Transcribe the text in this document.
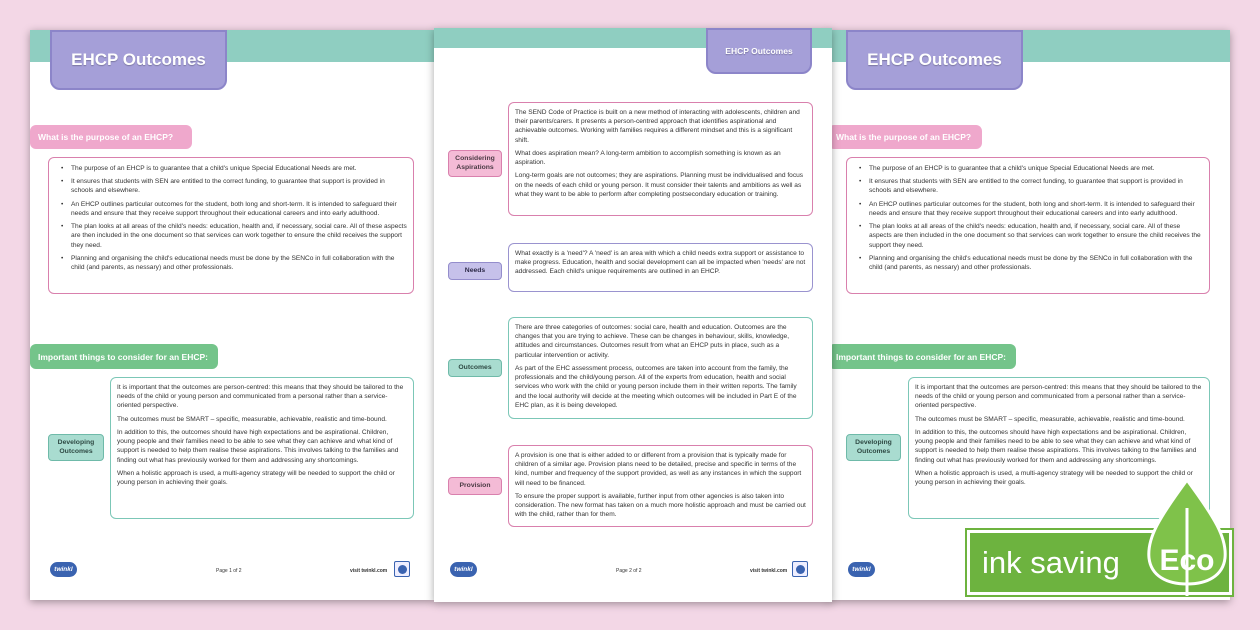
EHCP Outcomes
What is the purpose of an EHCP?
• The purpose of an EHCP is to guarantee that a child's unique Special Educational Needs are met.
• It ensures that students with SEN are entitled to the correct funding, to guarantee that support is provided in schools and elsewhere.
• An EHCP outlines particular outcomes for the student, both long and short-term. It is intended to safeguard their needs and ensure that they receive support throughout their educational careers and into early adulthood.
• The plan looks at all areas of the child's needs: education, health and, if necessary, social care. All of these aspects are then included in the one document so that services can work together to ensure the child receives the support they need.
• Planning and organising the child's educational needs must be done by the SENCo in full collaboration with the child (and parents, as nessary) and other professionals.
Important things to consider for an EHCP:
Developing Outcomes

It is important that the outcomes are person-centred: this means that they should be tailored to the needs of the child or young person and communicated from a personal rather than a service-oriented perspective.

The outcomes must be SMART – specific, measurable, achievable, realistic and time-bound.

In addition to this, the outcomes should have high expectations and be aspirational. Children, young people and their families need to be able to see what they can achieve and what kind of support is needed to help them realise these aspirations. This involves talking to the families and finding out what has previously worked for them and addressing any shortcomings.

When a holistic approach is used, a multi-agency strategy will be needed to support the child or young person in achieving their goals.

twinkl	Page 1 of 2	visit twinkl.com
EHCP Outcomes
What is the purpose of an EHCP?
• The purpose of an EHCP is to guarantee that a child's unique Special Educational Needs are met.
• It ensures that students with SEN are entitled to the correct funding, to guarantee that support is provided in schools and elsewhere.
• An EHCP outlines particular outcomes for the student, both long and short-term. It is intended to safeguard their needs and ensure that they receive support throughout their educational careers and into early adulthood.
• The plan looks at all areas of the child's needs: education, health and, if necessary, social care. All of these aspects are then included in the one document so that services can work together to ensure the child receives the support they need.
• Planning and organising the child's educational needs must be done by the SENCo in full collaboration with the child (and parents, as nessary) and other professionals.
Important things to consider for an EHCP:
Developing Outcomes

It is important that the outcomes are person-centred: this means that they should be tailored to the needs of the child or young person and communicated from a personal rather than a service-oriented perspective.

The outcomes must be SMART – specific, measurable, achievable, realistic and time-bound.

In addition to this, the outcomes should have high expectations and be aspirational. Children, young people and their families need to be able to see what they can achieve and what kind of support is needed to help them realise these aspirations. This involves talking to the families and finding out what has previously worked for them and addressing any shortcomings.

When a holistic approach is used, a multi-agency strategy will be needed to support the child or young person in achieving their goals.

twinkl
EHCP Outcomes
Considering Aspirations

The SEND Code of Practice is built on a new method of interacting with adolescents, children and their parents/carers. It presents a person-centred approach that identifies aspirational and achievable outcomes. Working with families requires a different mindset and this is a significant shift.

What does aspiration mean? A long-term ambition to accomplish something is known as an aspiration.

Long-term goals are not outcomes; they are aspirations. Planning must be individualised and focus on the needs of each child or young person. It must consider their talents and ambitions as well as what they want to be able to perform after completing postsecondary education or training.

Needs

What exactly is a 'need'? A 'need' is an area with which a child needs extra support or assistance to make progress. Education, health and social development can all be impacted when 'needs' are not addressed. Each child's unique requirements are outlined in an EHCP.

Outcomes

There are three categories of outcomes: social care, health and education. Outcomes are the changes that you are trying to achieve. These can be changes in behaviour, skills, knowledge, attitudes and circumstances. Outcomes result from what an EHCP puts in place, such as a particular intervention or activity.

As part of the EHC assessment process, outcomes are taken into account from the family, the professionals and the child/young person. All of the experts from education, health and social services who work with the child or young person include them in their written reports. The family and the local authority will decide at the meeting which outcomes will be included in Part E of the EHC plan, as it is being developed.

Provision

A provision is one that is either added to or different from a provision that is typically made for children of a similar age. Provision plans need to be detailed, precise and specific in terms of the kind, number and frequency of the support provided, as well as any instances in which the support will need to be financed.

To ensure the proper support is available, further input from other agencies is also taken into consideration. The new format has taken on a much more holistic approach and must be carried out with the child, rather than for them.

twinkl	Page 2 of 2	visit twinkl.com	ink saving Eco
